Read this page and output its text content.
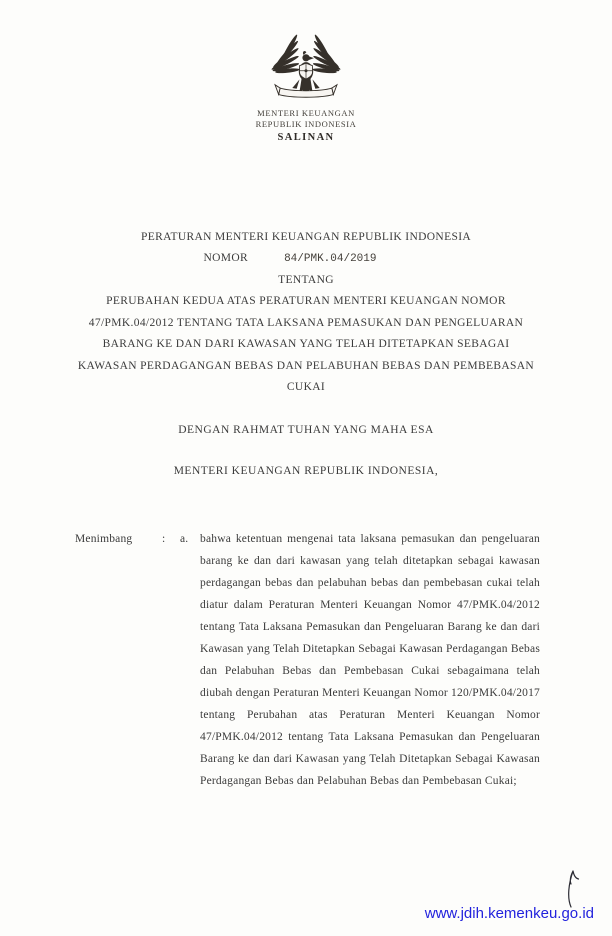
MENTERI KEUANGAN
REPUBLIK INDONESIA
SALINAN
PERATURAN MENTERI KEUANGAN REPUBLIK INDONESIA
NOMOR	84/PMK.04/2019
TENTANG
PERUBAHAN KEDUA ATAS PERATURAN MENTERI KEUANGAN NOMOR 47/PMK.04/2012 TENTANG TATA LAKSANA PEMASUKAN DAN PENGELUARAN BARANG KE DAN DARI KAWASAN YANG TELAH DITETAPKAN SEBAGAI KAWASAN PERDAGANGAN BEBAS DAN PELABUHAN BEBAS DAN PEMBEBASAN CUKAI
DENGAN RAHMAT TUHAN YANG MAHA ESA
MENTERI KEUANGAN REPUBLIK INDONESIA,
Menimbang	:	a.	bahwa ketentuan mengenai tata laksana pemasukan dan pengeluaran barang ke dan dari kawasan yang telah ditetapkan sebagai kawasan perdagangan bebas dan pelabuhan bebas dan pembebasan cukai telah diatur dalam Peraturan Menteri Keuangan Nomor 47/PMK.04/2012 tentang Tata Laksana Pemasukan dan Pengeluaran Barang ke dan dari Kawasan yang Telah Ditetapkan Sebagai Kawasan Perdagangan Bebas dan Pelabuhan Bebas dan Pembebasan Cukai sebagaimana telah diubah dengan Peraturan Menteri Keuangan Nomor 120/PMK.04/2017 tentang Perubahan atas Peraturan Menteri Keuangan Nomor 47/PMK.04/2012 tentang Tata Laksana Pemasukan dan Pengeluaran Barang ke dan dari Kawasan yang Telah Ditetapkan Sebagai Kawasan Perdagangan Bebas dan Pelabuhan Bebas dan Pembebasan Cukai;
www.jdih.kemenkeu.go.id
